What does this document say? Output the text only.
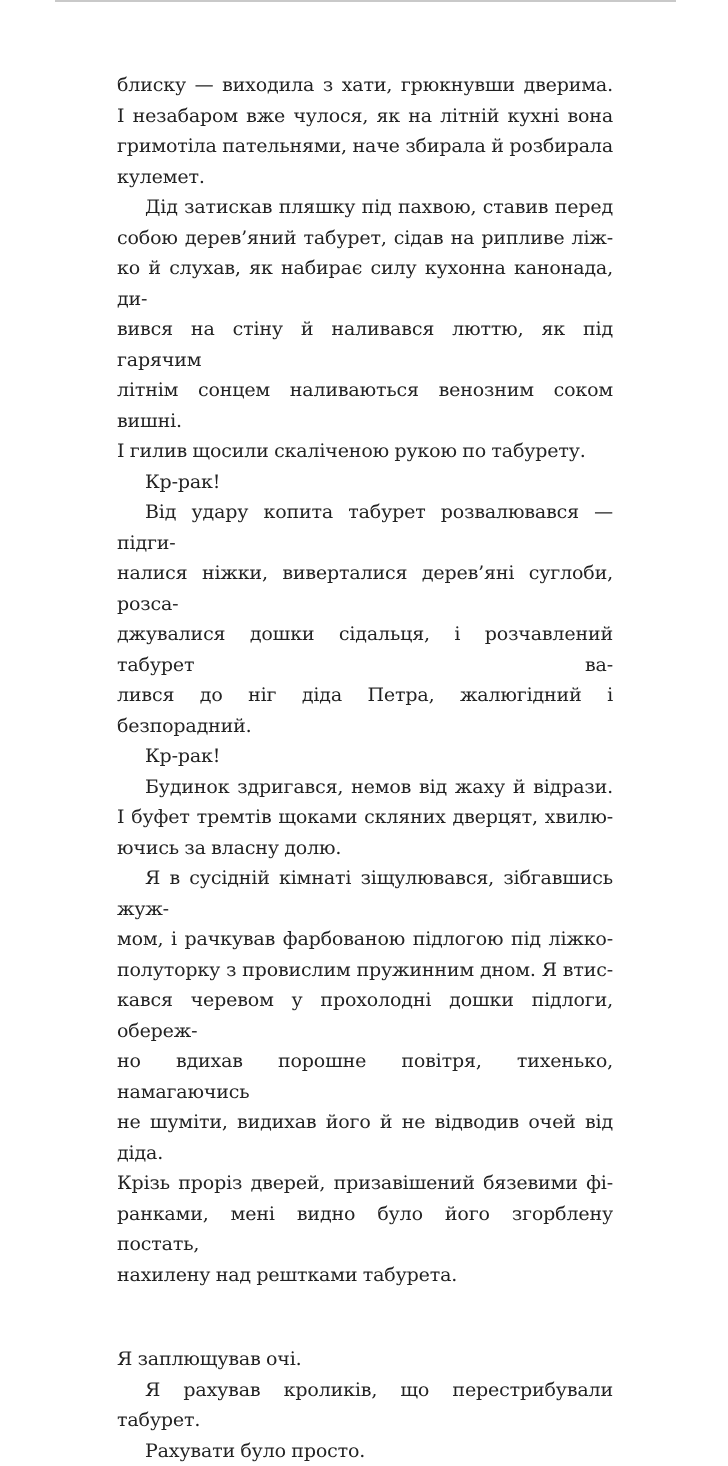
блиску — виходила з хати, грюкнувши дверима.
І незабаром вже чулося, як на літній кухні вона
гримотіла пательнями, наче збирала й розбирала
кулемет.

Дід затискав пляшку під пахвою, ставив перед
собою дерев’яний табурет, сідав на рипливе ліж-
ко й слухав, як набирає силу кухонна канонада, ди-
вився на стіну й наливався люттю, як під гарячим
літнім сонцем наливаються венозним соком вишні.
І гилив щосили скаліченою рукою по табурету.

Кр-рак!

Від удару копита табурет розвалювався — підги-
налися ніжки, виверталися дерев’яні суглоби, розса-
джувалися дошки сідальця, і розчавлений табурет ва-
лився до ніг діда Петра, жалюгідний і безпорадний.

Кр-рак!

Будинок здригався, немов від жаху й відрази.
І буфет тремтів щоками скляних дверцят, хвилю-
ючись за власну долю.

Я в сусідній кімнаті зіщулювався, зібгавшись жуж-
мом, і рачкував фарбованою підлогою під ліжко-
полуторку з провислим пружинним дном. Я втис-
кався черевом у прохолодні дошки підлоги, обереж-
но вдихав порошне повітря, тихенько, намагаючись
не шуміти, видихав його й не відводив очей від діда.
Крізь проріз дверей, призавішений бязевими фі-
ранками, мені видно було його згорблену постать,
нахилену над рештками табурета.

Я заплющував очі.

Я рахував кроликів, що перестрибували табурет.

Рахувати було просто.
